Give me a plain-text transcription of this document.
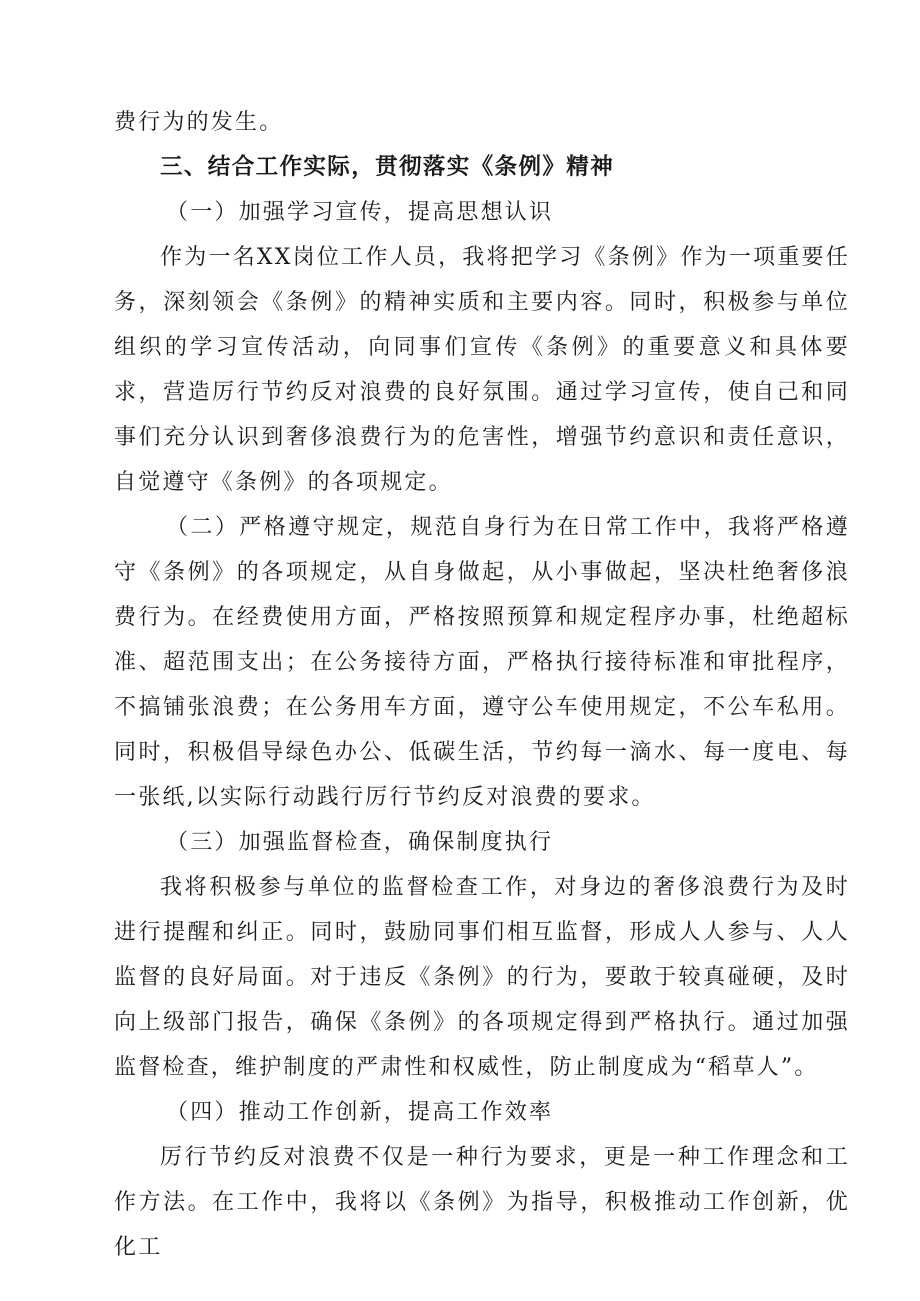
费行为的发生。

三、结合工作实际，贯彻落实《条例》精神

（一）加强学习宣传，提高思想认识

作为一名XX岗位工作人员，我将把学习《条例》作为一项重要任务，深刻领会《条例》的精神实质和主要内容。同时，积极参与单位组织的学习宣传活动，向同事们宣传《条例》的重要意义和具体要求，营造厉行节约反对浪费的良好氛围。通过学习宣传，使自己和同事们充分认识到奢侈浪费行为的危害性，增强节约意识和责任意识，自觉遵守《条例》的各项规定。

（二）严格遵守规定，规范自身行为在日常工作中，我将严格遵守《条例》的各项规定，从自身做起，从小事做起，坚决杜绝奢侈浪费行为。在经费使用方面，严格按照预算和规定程序办事，杜绝超标准、超范围支出；在公务接待方面，严格执行接待标准和审批程序，不搞铺张浪费；在公务用车方面，遵守公车使用规定，不公车私用。同时，积极倡导绿色办公、低碳生活，节约每一滴水、每一度电、每一张纸,以实际行动践行厉行节约反对浪费的要求。

（三）加强监督检查，确保制度执行

我将积极参与单位的监督检查工作，对身边的奢侈浪费行为及时进行提醒和纠正。同时，鼓励同事们相互监督，形成人人参与、人人监督的良好局面。对于违反《条例》的行为，要敢于较真碰硬，及时向上级部门报告，确保《条例》的各项规定得到严格执行。通过加强监督检查，维护制度的严肃性和权威性，防止制度成为“稻草人”。

（四）推动工作创新，提高工作效率

厉行节约反对浪费不仅是一种行为要求，更是一种工作理念和工作方法。在工作中，我将以《条例》为指导，积极推动工作创新，优化工
